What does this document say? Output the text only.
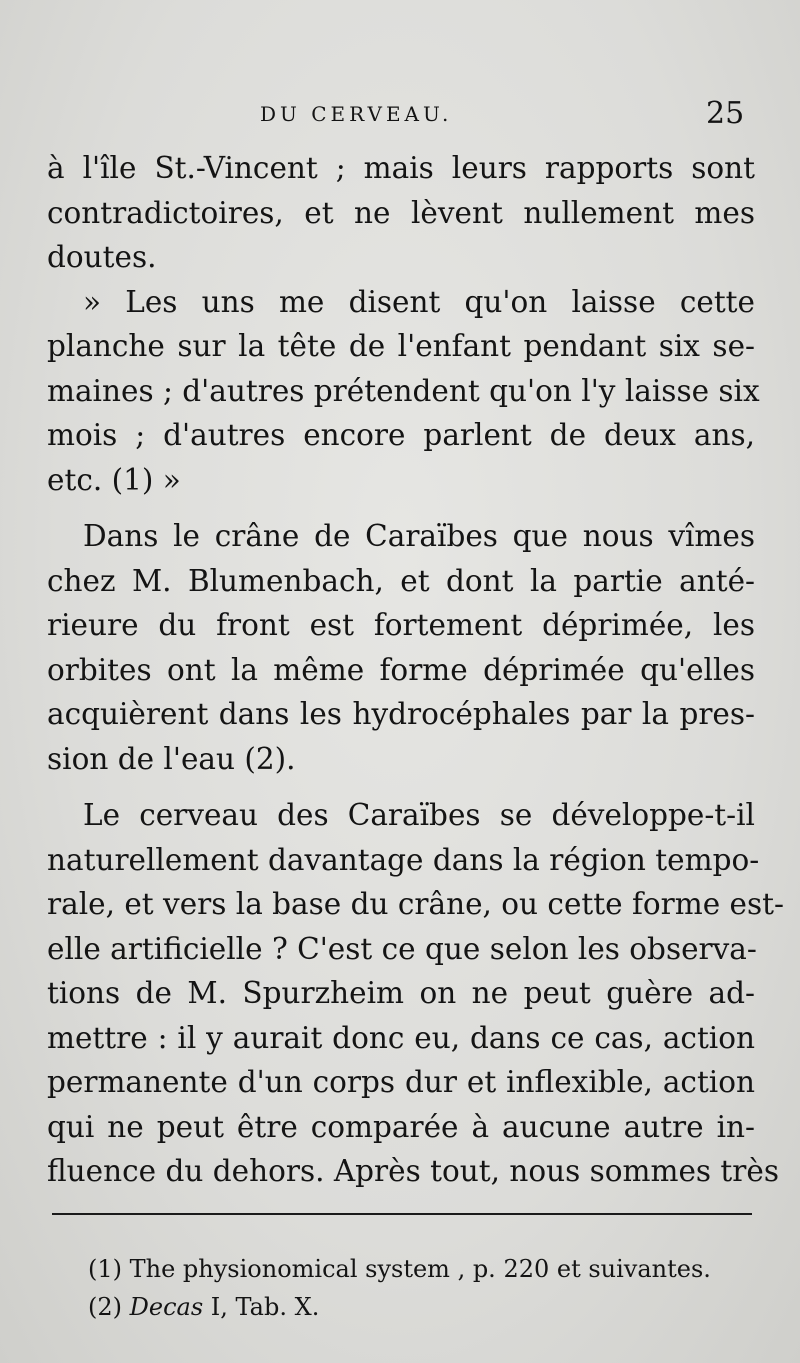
DU CERVEAU.	25

à l'île St.-Vincent ; mais leurs rapports sont
contradictoires, et ne lèvent nullement mes
doutes.

» Les uns me disent qu'on laisse cette
planche sur la tête de l'enfant pendant six se-
maines ; d'autres prétendent qu'on l'y laisse six
mois ; d'autres encore parlent de deux ans,
etc. (1) »

Dans le crâne de Caraïbes que nous vîmes
chez M. Blumenbach, et dont la partie anté-
rieure du front est fortement déprimée, les
orbites ont la même forme déprimée qu'elles
acquièrent dans les hydrocéphales par la pres-
sion de l'eau (2).

Le cerveau des Caraïbes se développe-t-il
naturellement davantage dans la région tempo-
rale, et vers la base du crâne, ou cette forme est-
elle artificielle ? C'est ce que selon les observa-
tions de M. Spurzheim on ne peut guère ad-
mettre : il y aurait donc eu, dans ce cas, action
permanente d'un corps dur et inflexible, action
qui ne peut être comparée à aucune autre in-
fluence du dehors. Après tout, nous sommes très

(1) The physionomical system , p. 220 et suivantes.
(2) Decas I, Tab. X.
